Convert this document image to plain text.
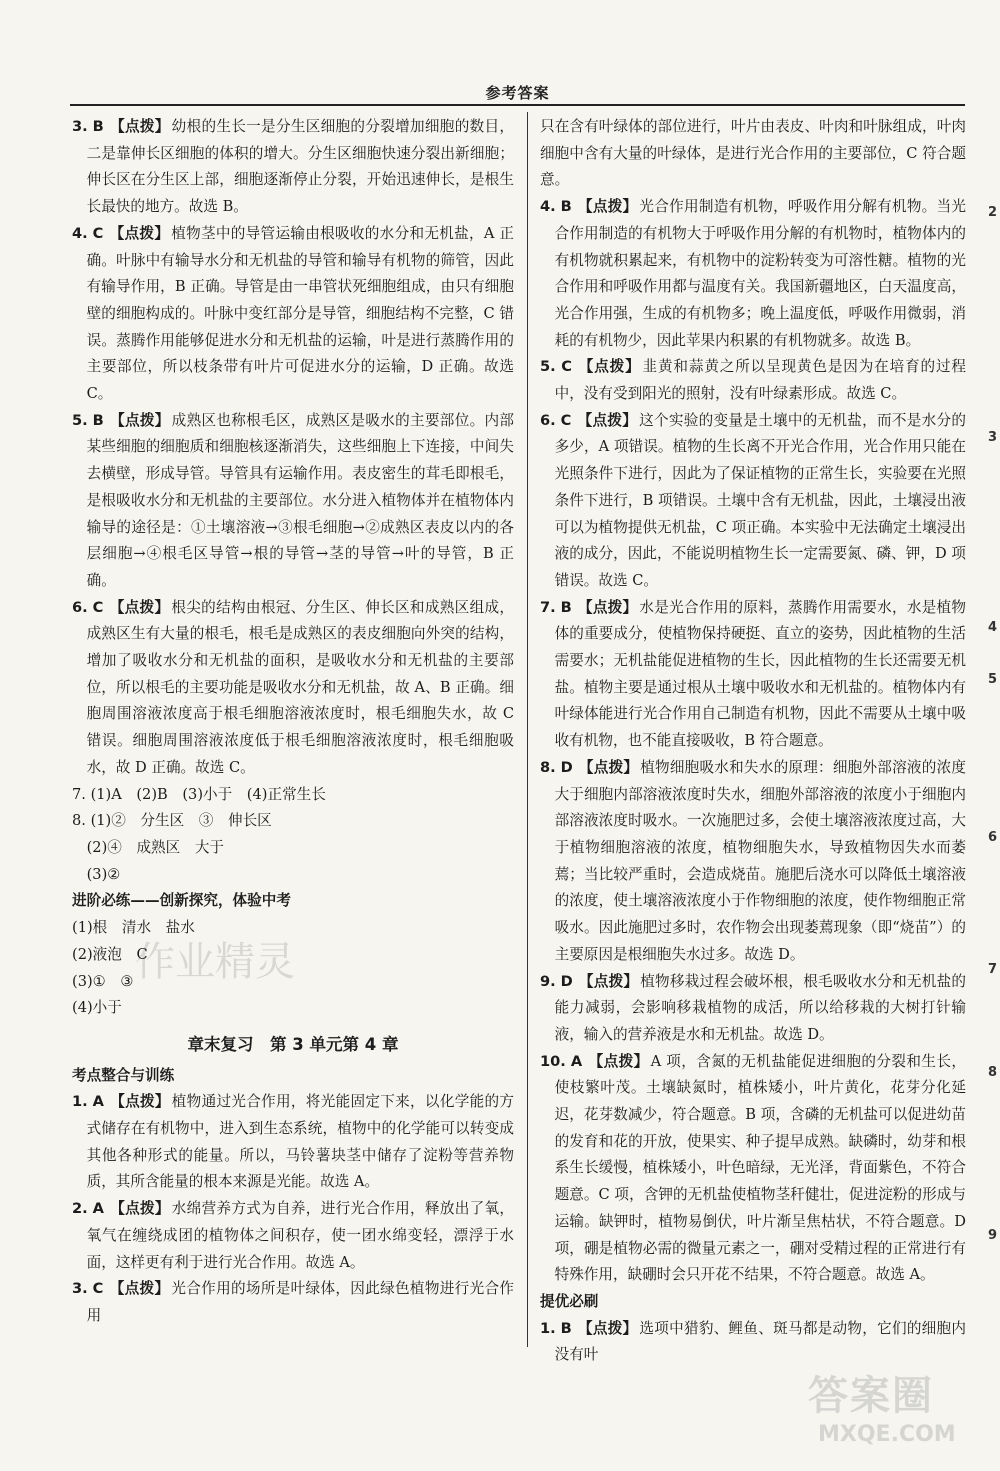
参考答案

3. B 【点拨】 幼根的生长一是分生区细胞的分裂增加细胞的数目，二是靠伸长区细胞的体积的增大。分生区细胞快速分裂出新细胞；伸长区在分生区上部，细胞逐渐停止分裂，开始迅速伸长，是根生长最快的地方。故选 B。

4. C 【点拨】 植物茎中的导管运输由根吸收的水分和无机盐，A 正确。叶脉中有输导水分和无机盐的导管和输导有机物的筛管，因此有输导作用，B 正确。导管是由一串管状死细胞组成，由只有细胞壁的细胞构成的。叶脉中变红部分是导管，细胞结构不完整，C 错误。蒸腾作用能够促进水分和无机盐的运输，叶是进行蒸腾作用的主要部位，所以枝条带有叶片可促进水分的运输，D 正确。故选 C。

5. B 【点拨】 成熟区也称根毛区，成熟区是吸水的主要部位。内部某些细胞的细胞质和细胞核逐渐消失，这些细胞上下连接，中间失去横壁，形成导管。导管具有运输作用。表皮密生的茸毛即根毛，是根吸收水分和无机盐的主要部位。水分进入植物体并在植物体内输导的途径是：①土壤溶液→③根毛细胞→②成熟区表皮以内的各层细胞→④根毛区导管→根的导管→茎的导管→叶的导管，B 正确。

6. C 【点拨】 根尖的结构由根冠、分生区、伸长区和成熟区组成，成熟区生有大量的根毛，根毛是成熟区的表皮细胞向外突的结构，增加了吸收水分和无机盐的面积，是吸收水分和无机盐的主要部位，所以根毛的主要功能是吸收水分和无机盐，故 A、B 正确。细胞周围溶液浓度高于根毛细胞溶液浓度时，根毛细胞失水，故 C 错误。细胞周围溶液浓度低于根毛细胞溶液浓度时，根毛细胞吸水，故 D 正确。故选 C。

7. (1)A　(2)B　(3)小于　(4)正常生长

8. (1)②　分生区　③　伸长区

(2)④　成熟区　大于

(3)②

进阶必练——创新探究，体验中考

(1)根　清水　盐水

(2)液泡　C

(3)①　③

(4)小于

章末复习　第 3 单元第 4 章

考点整合与训练

1. A 【点拨】 植物通过光合作用，将光能固定下来，以化学能的方式储存在有机物中，进入到生态系统，植物中的化学能可以转变成其他各种形式的能量。所以，马铃薯块茎中储存了淀粉等营养物质，其所含能量的根本来源是光能。故选 A。

2. A 【点拨】 水绵营养方式为自养，进行光合作用，释放出了氧，氧气在缠绕成团的植物体之间积存，使一团水绵变轻，漂浮于水面，这样更有利于进行光合作用。故选 A。

3. C 【点拨】 光合作用的场所是叶绿体，因此绿色植物进行光合作用

只在含有叶绿体的部位进行，叶片由表皮、叶肉和叶脉组成，叶肉细胞中含有大量的叶绿体，是进行光合作用的主要部位，C 符合题意。

4. B 【点拨】 光合作用制造有机物，呼吸作用分解有机物。当光合作用制造的有机物大于呼吸作用分解的有机物时，植物体内的有机物就积累起来，有机物中的淀粉转变为可溶性糖。植物的光合作用和呼吸作用都与温度有关。我国新疆地区，白天温度高，光合作用强，生成的有机物多；晚上温度低，呼吸作用微弱，消耗的有机物少，因此苹果内积累的有机物就多。故选 B。

5. C 【点拨】 韭黄和蒜黄之所以呈现黄色是因为在培育的过程中，没有受到阳光的照射，没有叶绿素形成。故选 C。

6. C 【点拨】 这个实验的变量是土壤中的无机盐，而不是水分的多少，A 项错误。植物的生长离不开光合作用，光合作用只能在光照条件下进行，因此为了保证植物的正常生长，实验要在光照条件下进行，B 项错误。土壤中含有无机盐，因此，土壤浸出液可以为植物提供无机盐，C 项正确。本实验中无法确定土壤浸出液的成分，因此，不能说明植物生长一定需要氮、磷、钾，D 项错误。故选 C。

7. B 【点拨】 水是光合作用的原料，蒸腾作用需要水，水是植物体的重要成分，使植物保持硬挺、直立的姿势，因此植物的生活需要水；无机盐能促进植物的生长，因此植物的生长还需要无机盐。植物主要是通过根从土壤中吸收水和无机盐的。植物体内有叶绿体能进行光合作用自己制造有机物，因此不需要从土壤中吸收有机物，也不能直接吸收，B 符合题意。

8. D 【点拨】 植物细胞吸水和失水的原理：细胞外部溶液的浓度大于细胞内部溶液浓度时失水，细胞外部溶液的浓度小于细胞内部溶液浓度时吸水。一次施肥过多，会使土壤溶液浓度过高，大于植物细胞溶液的浓度，植物细胞失水，导致植物因失水而萎蔫；当比较严重时，会造成烧苗。施肥后浇水可以降低土壤溶液的浓度，使土壤溶液浓度小于作物细胞的浓度，使作物细胞正常吸水。因此施肥过多时，农作物会出现萎蔫现象（即“烧苗”）的主要原因是根细胞失水过多。故选 D。

9. D 【点拨】 植物移栽过程会破坏根，根毛吸收水分和无机盐的能力减弱，会影响移栽植物的成活，所以给移栽的大树打针输液，输入的营养液是水和无机盐。故选 D。

10. A 【点拨】 A 项，含氮的无机盐能促进细胞的分裂和生长，使枝繁叶茂。土壤缺氮时，植株矮小，叶片黄化，花芽分化延迟，花芽数减少，符合题意。B 项，含磷的无机盐可以促进幼苗的发育和花的开放，使果实、种子提早成熟。缺磷时，幼芽和根系生长缓慢，植株矮小，叶色暗绿，无光泽，背面紫色，不符合题意。C 项，含钾的无机盐使植物茎秆健壮，促进淀粉的形成与运输。缺钾时，植物易倒伏，叶片渐呈焦枯状，不符合题意。D 项，硼是植物必需的微量元素之一，硼对受精过程的正常进行有特殊作用，缺硼时会只开花不结果，不符合题意。故选 A。

提优必刷

1. B 【点拨】 选项中猎豹、鲤鱼、斑马都是动物，它们的细胞内没有叶

2
3
4
5
6
7
8
9
作业精灵
答案圈
MXQE.COM
